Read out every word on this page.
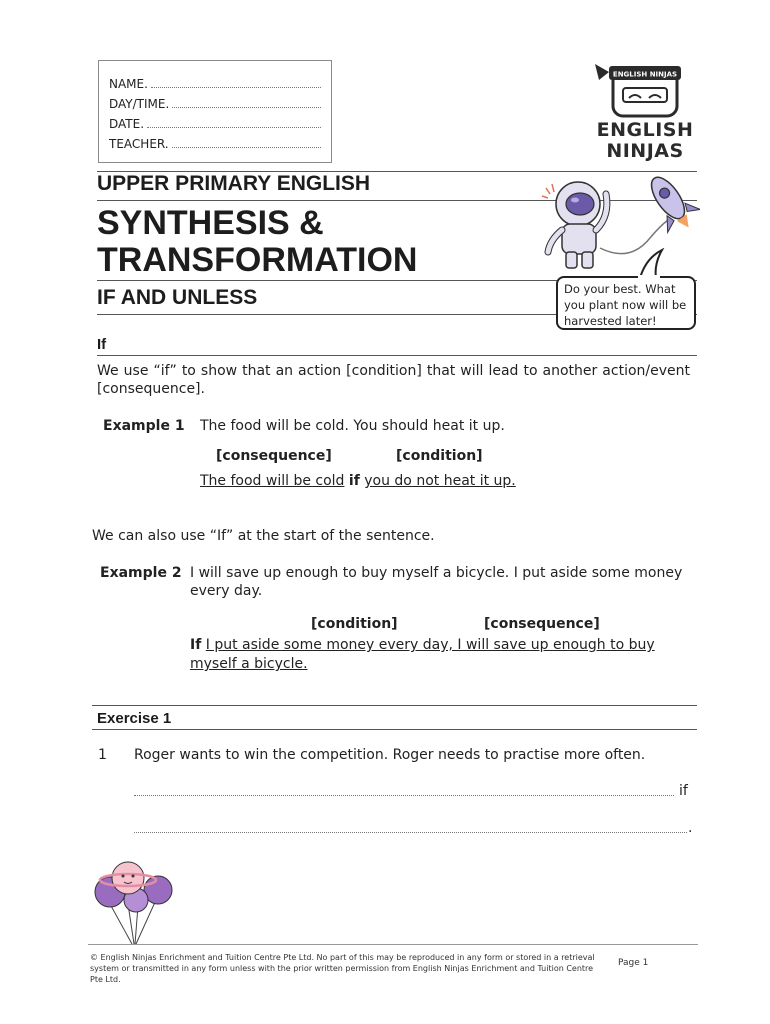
NAME.
DAY/TIME.
DATE.
TEACHER.
ENGLISH NINJAS
ENGLISH
NINJAS
UPPER PRIMARY ENGLISH
SYNTHESIS &
TRANSFORMATION
IF AND UNLESS	Do your best. What you plant now will be harvested later!
If
We use “if” to show that an action [condition] that will lead to another action/event [consequence].
Example 1 The food will be cold. You should heat it up.
[consequence]	[condition]
The food will be cold if you do not heat it up.
We can also use “If” at the start of the sentence.
Example 2 I will save up enough to buy myself a bicycle. I put aside some money
every day.
[condition]	[consequence]
If I put aside some money every day, I will save up enough to buy
myself a bicycle.
Exercise 1
1 Roger wants to win the competition. Roger needs to practise more often.
if
.
© English Ninjas Enrichment and Tuition Centre Pte Ltd. No part of this may be reproduced in any form or stored in a retrieval system or transmitted in any form unless with the prior written permission from English Ninjas Enrichment and Tuition Centre Pte Ltd.
Page 1
